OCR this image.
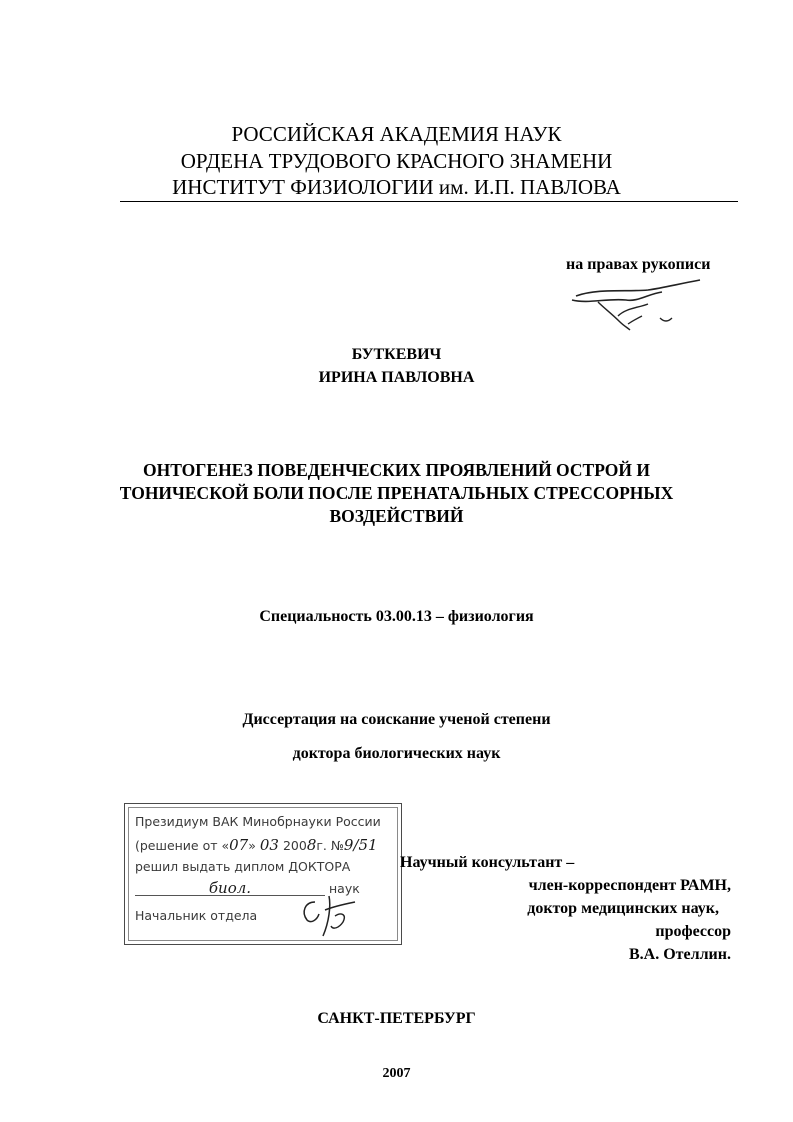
РОССИЙСКАЯ АКАДЕМИЯ НАУК
ОРДЕНА ТРУДОВОГО КРАСНОГО ЗНАМЕНИ
ИНСТИТУТ ФИЗИОЛОГИИ им. И.П. ПАВЛОВА
на правах рукописи
БУТКЕВИЧ
ИРИНА ПАВЛОВНА
ОНТОГЕНЕЗ ПОВЕДЕНЧЕСКИХ ПРОЯВЛЕНИЙ ОСТРОЙ И
ТОНИЧЕСКОЙ БОЛИ ПОСЛЕ ПРЕНАТАЛЬНЫХ СТРЕССОРНЫХ
ВОЗДЕЙСТВИЙ
Специальность 03.00.13 – физиология
Диссертация на соискание ученой степени
доктора биологических наук
Президиум ВАК Минобрнауки России
(решение от «07» 03 2008г. №9/51
решил выдать диплом ДОКТОРА
биол.	наук
Начальник отдела
Научный консультант –
член-корреспондент РАМН,
доктор медицинских наук,
профессор
В.А. Отеллин.
САНКТ-ПЕТЕРБУРГ
2007
